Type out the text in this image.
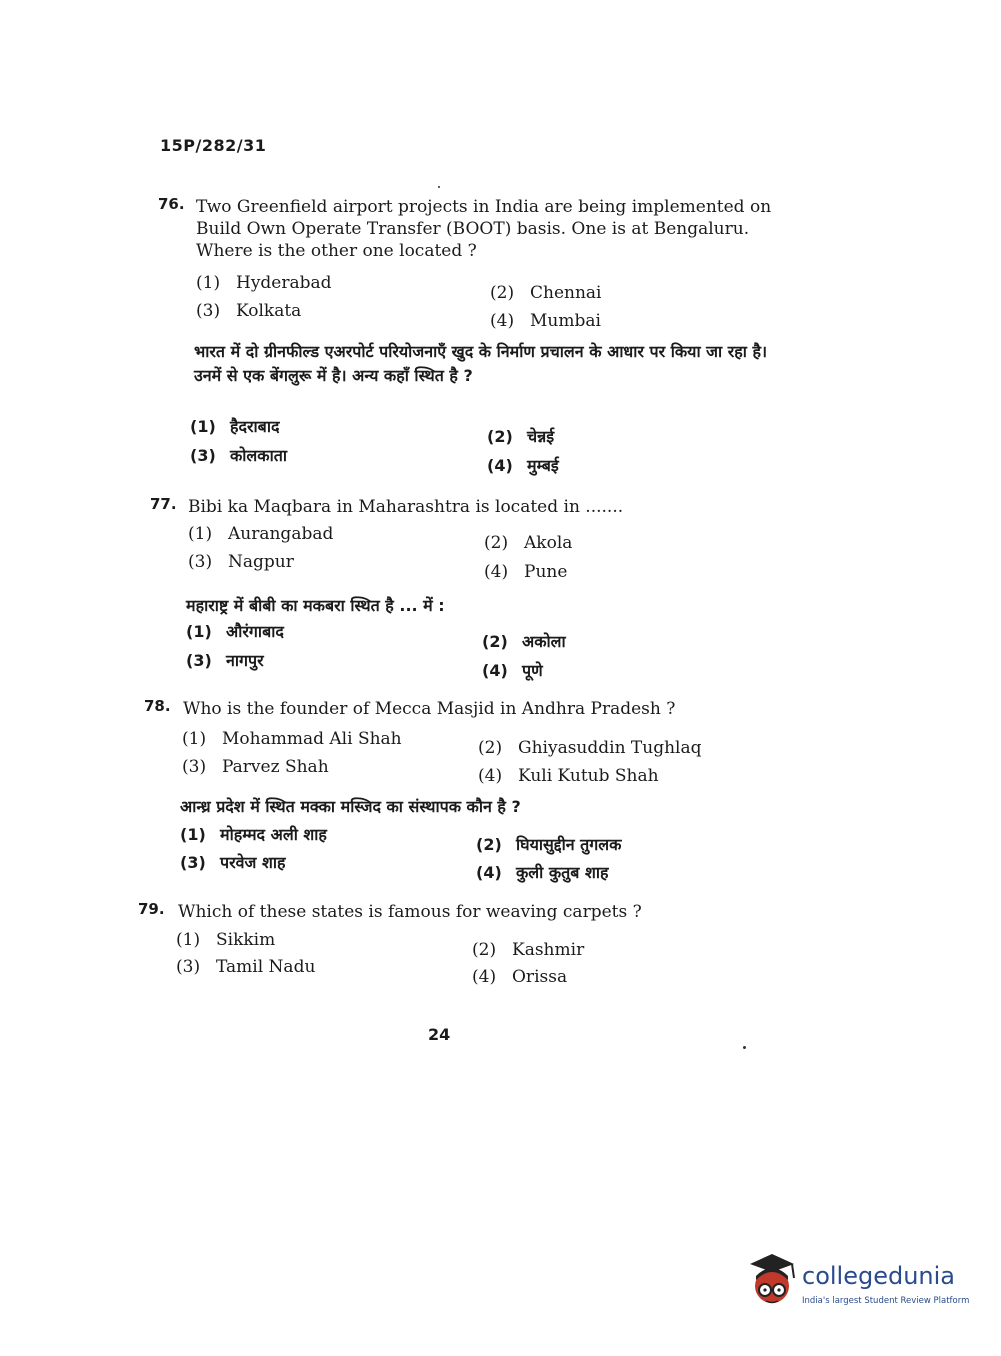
15P/282/31
76. Two Greenfield airport projects in India are being implemented on Build Own Operate Transfer (BOOT) basis. One is at Bengaluru. Where is the other one located ?
(1) Hyderabad	(2) Chennai
(3) Kolkata	(4) Mumbai
भारत में दो ग्रीनफील्ड एअरपोर्ट परियोजनाएँ खुद के निर्माण प्रचालन के आधार पर किया जा रहा है। उनमें से एक बेंगलुरू में है। अन्य कहाँ स्थित है ?
(1) हैदराबाद
(2) चेन्नई
(3) कोलकाता
(4) मुम्बई
77. Bibi ka Maqbara in Maharashtra is located in .......
(1) Aurangabad	(2) Akola
(3) Nagpur	(4) Pune
महाराष्ट्र में बीबी का मकबरा स्थित है ... में :
(1) औरंगाबाद
(2) अकोला
(3) नागपुर
(4) पूणे
78. Who is the founder of Mecca Masjid in Andhra Pradesh ?
(1) Mohammad Ali Shah	(2) Ghiyasuddin Tughlaq
(3) Parvez Shah	(4) Kuli Kutub Shah
आन्ध्र प्रदेश में स्थित मक्का मस्जिद का संस्थापक कौन है ?
(1) मोहम्मद अली शाह
(2) घियासुद्दीन तुगलक
(3) परवेज शाह
(4) कुली कुतुब शाह
79. Which of these states is famous for weaving carpets ?
(1) Sikkim	(2) Kashmir
(3) Tamil Nadu	(4) Orissa
24
collegedunia
India's largest Student Review Platform
